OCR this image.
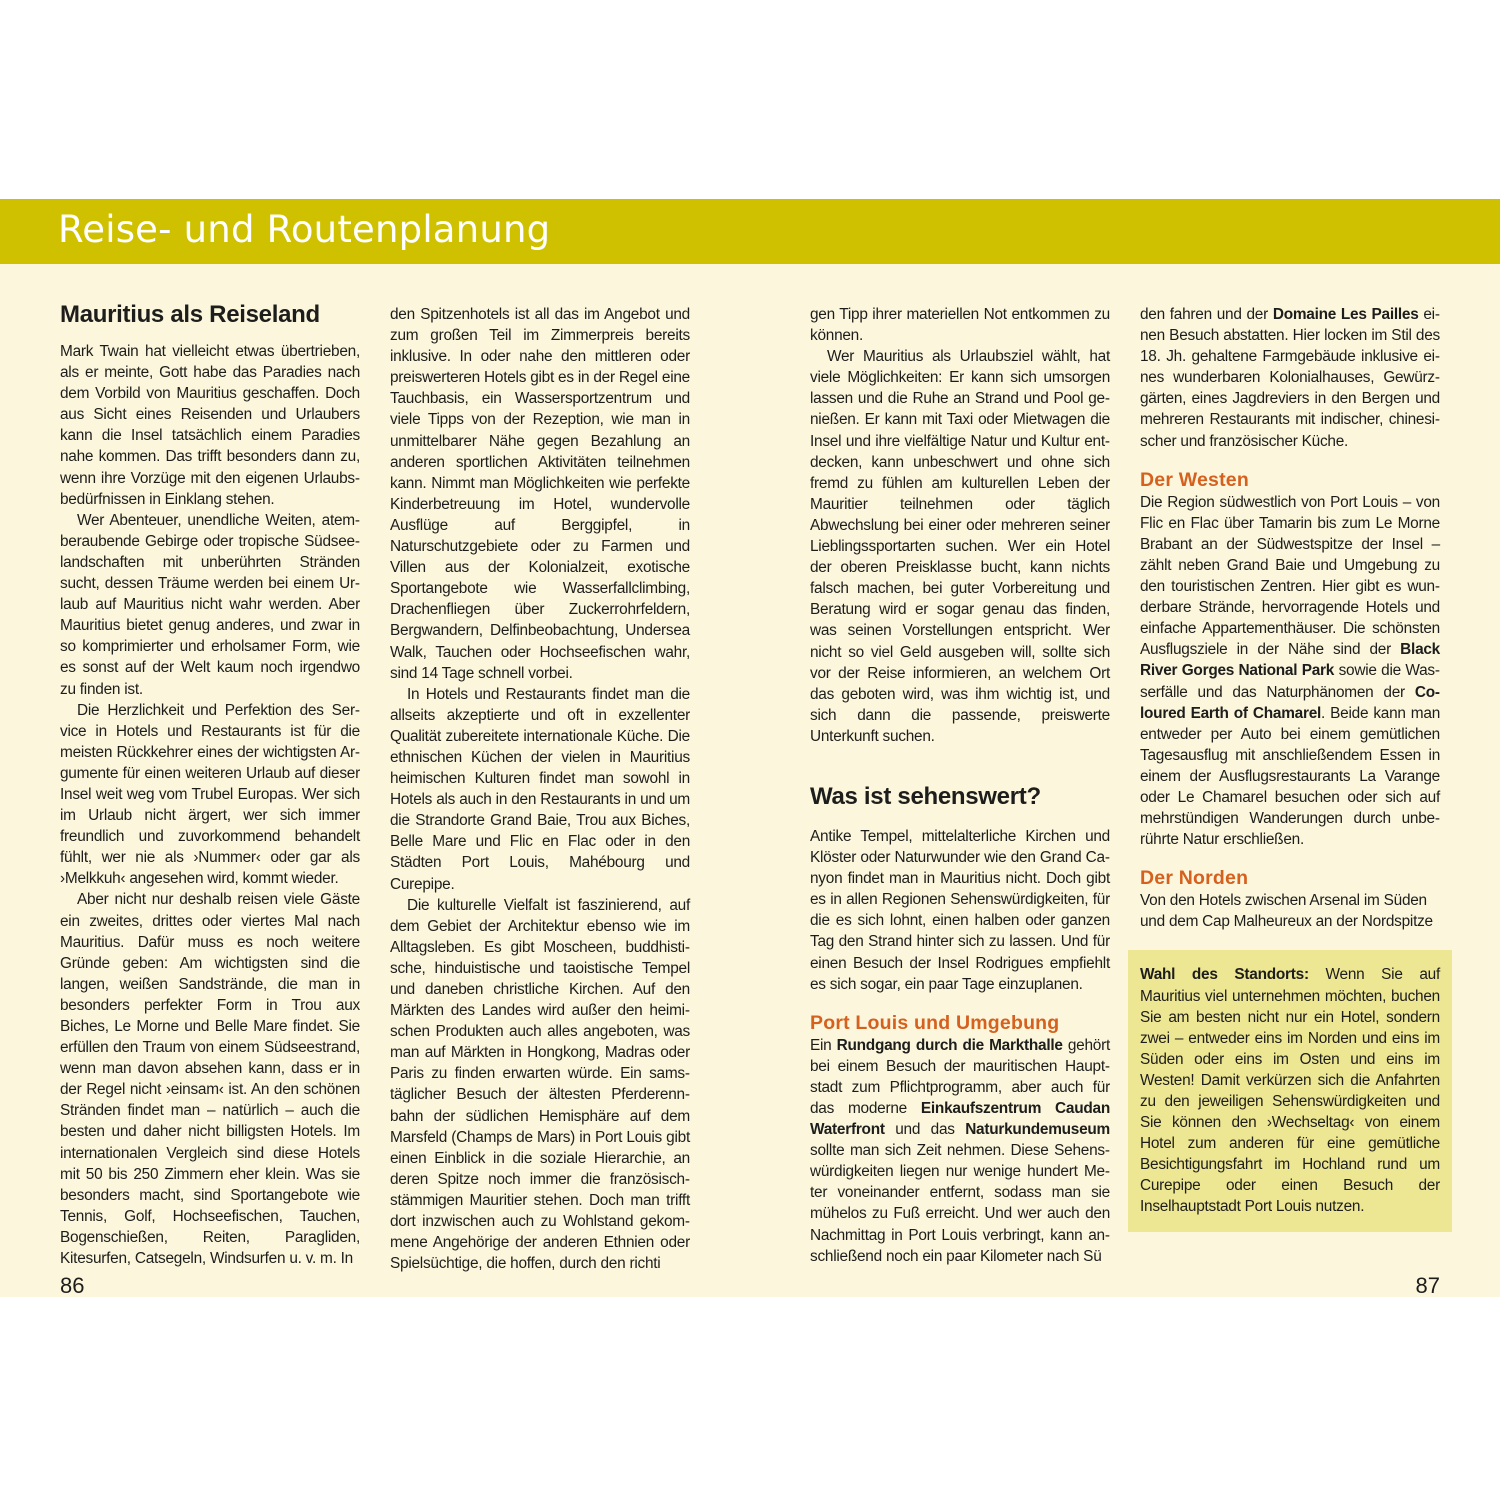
Reise- und Routenplanung
Mauritius als Reiseland

Mark Twain hat vielleicht etwas übertrieben, als er meinte, Gott habe das Paradies nach dem Vorbild von Mauritius geschaffen. Doch aus Sicht eines Reisenden und Urlaubers kann die Insel tatsächlich einem Paradies nahe kommen. Das trifft besonders dann zu, wenn ihre Vorzüge mit den eigenen Urlaubsbedürfnissen in Einklang stehen.

Wer Abenteuer, unendliche Weiten, atemberaubende Gebirge oder tropische Südseelandschaften mit unberührten Stränden sucht, dessen Träume werden bei einem Urlaub auf Mauritius nicht wahr werden. Aber Mauritius bietet genug anderes, und zwar in so komprimierter und erholsamer Form, wie es sonst auf der Welt kaum noch irgendwo zu finden ist.

Die Herzlichkeit und Perfektion des Service in Hotels und Restaurants ist für die meisten Rückkehrer eines der wichtigsten Argumente für einen weiteren Urlaub auf dieser Insel weit weg vom Trubel Europas. Wer sich im Urlaub nicht ärgert, wer sich immer freundlich und zuvorkommend behandelt fühlt, wer nie als ›Nummer‹ oder gar als ›Melkkuh‹ angesehen wird, kommt wieder.

Aber nicht nur deshalb reisen viele Gäste ein zweites, drittes oder viertes Mal nach Mauritius. Dafür muss es noch weitere Gründe geben: Am wichtigsten sind die langen, weißen Sandstrände, die man in besonders perfekter Form in Trou aux Biches, Le Morne und Belle Mare findet. Sie erfüllen den Traum von einem Südseestrand, wenn man davon absehen kann, dass er in der Regel nicht ›einsam‹ ist. An den schönen Stränden findet man – natürlich – auch die besten und daher nicht billigsten Hotels. Im internationalen Vergleich sind diese Hotels mit 50 bis 250 Zimmern eher klein. Was sie besonders macht, sind Sportangebote wie Tennis, Golf, Hochseefischen, Tauchen, Bogenschießen, Reiten, Paragliden, Kitesurfen, Catsegeln, Windsurfen u. v. m. In

den Spitzenhotels ist all das im Angebot und zum großen Teil im Zimmerpreis bereits inklusive. In oder nahe den mittleren oder preiswerteren Hotels gibt es in der Regel eine Tauchbasis, ein Wassersportzentrum und viele Tipps von der Rezeption, wie man in unmittelbarer Nähe gegen Bezahlung an anderen sportlichen Aktivitäten teilnehmen kann. Nimmt man Möglichkeiten wie perfekte Kinderbetreuung im Hotel, wundervolle Ausflüge auf Berggipfel, in Naturschutzgebiete oder zu Farmen und Villen aus der Kolonialzeit, exotische Sportangebote wie Wasserfallclimbing, Drachenfliegen über Zuckerrohrfeldern, Bergwandern, Delfinbeobachtung, Undersea Walk, Tauchen oder Hochseefischen wahr, sind 14 Tage schnell vorbei.

In Hotels und Restaurants findet man die allseits akzeptierte und oft in exzellenter Qualität zubereitete internationale Küche. Die ethnischen Küchen der vielen in Mauritius heimischen Kulturen findet man sowohl in Hotels als auch in den Restaurants in und um die Strandorte Grand Baie, Trou aux Biches, Belle Mare und Flic en Flac oder in den Städten Port Louis, Mahébourg und Curepipe.

Die kulturelle Vielfalt ist faszinierend, auf dem Gebiet der Architektur ebenso wie im Alltagsleben. Es gibt Moscheen, buddhistische, hinduistische und taoistische Tempel und daneben christliche Kirchen. Auf den Märkten des Landes wird außer den heimischen Produkten auch alles angeboten, was man auf Märkten in Hongkong, Madras oder Paris zu finden erwarten würde. Ein samstäglicher Besuch der ältesten Pferderennbahn der südlichen Hemisphäre auf dem Marsfeld (Champs de Mars) in Port Louis gibt einen Einblick in die soziale Hierarchie, an deren Spitze noch immer die französischstämmigen Mauritier stehen. Doch man trifft dort inzwischen auch zu Wohlstand gekommene Angehörige der anderen Ethnien oder Spielsüchtige, die hoffen, durch den richti

gen Tipp ihrer materiellen Not entkommen zu können.

Wer Mauritius als Urlaubsziel wählt, hat viele Möglichkeiten: Er kann sich umsorgen lassen und die Ruhe an Strand und Pool genießen. Er kann mit Taxi oder Mietwagen die Insel und ihre vielfältige Natur und Kultur entdecken, kann unbeschwert und ohne sich fremd zu fühlen am kulturellen Leben der Mauritier teilnehmen oder täglich Abwechslung bei einer oder mehreren seiner Lieblingssportarten suchen. Wer ein Hotel der oberen Preisklasse bucht, kann nichts falsch machen, bei guter Vorbereitung und Beratung wird er sogar genau das finden, was seinen Vorstellungen entspricht. Wer nicht so viel Geld ausgeben will, sollte sich vor der Reise informieren, an welchem Ort das geboten wird, was ihm wichtig ist, und sich dann die passende, preiswerte Unterkunft suchen.

Was ist sehenswert?

Antike Tempel, mittelalterliche Kirchen und Klöster oder Naturwunder wie den Grand Canyon findet man in Mauritius nicht. Doch gibt es in allen Regionen Sehenswürdigkeiten, für die es sich lohnt, einen halben oder ganzen Tag den Strand hinter sich zu lassen. Und für einen Besuch der Insel Rodrigues empfiehlt es sich sogar, ein paar Tage einzuplanen.

Port Louis und Umgebung

Ein Rundgang durch die Markthalle gehört bei einem Besuch der mauritischen Hauptstadt zum Pflichtprogramm, aber auch für das moderne Einkaufszentrum Caudan Waterfront und das Naturkundemuseum sollte man sich Zeit nehmen. Diese Sehenswürdigkeiten liegen nur wenige hundert Meter voneinander entfernt, sodass man sie mühelos zu Fuß erreicht. Und wer auch den Nachmittag in Port Louis verbringt, kann anschließend noch ein paar Kilometer nach Sü

den fahren und der Domaine Les Pailles einen Besuch abstatten. Hier locken im Stil des 18. Jh. gehaltene Farmgebäude inklusive eines wunderbaren Kolonialhauses, Gewürzgärten, eines Jagdreviers in den Bergen und mehreren Restaurants mit indischer, chinesischer und französischer Küche.

Der Westen

Die Region südwestlich von Port Louis – von Flic en Flac über Tamarin bis zum Le Morne Brabant an der Südwestspitze der Insel – zählt neben Grand Baie und Umgebung zu den touristischen Zentren. Hier gibt es wunderbare Strände, hervorragende Hotels und einfache Appartementhäuser. Die schönsten Ausflugsziele in der Nähe sind der Black River Gorges National Park sowie die Wasserfälle und das Naturphänomen der Coloured Earth of Chamarel. Beide kann man entweder per Auto bei einem gemütlichen Tagesausflug mit anschließendem Essen in einem der Ausflugsrestaurants La Varange oder Le Chamarel besuchen oder sich auf mehrstündigen Wanderungen durch unberührte Natur erschließen.

Der Norden

Von den Hotels zwischen Arsenal im Süden und dem Cap Malheureux an der Nordspitze

Wahl des Standorts: Wenn Sie auf Mauritius viel unternehmen möchten, buchen Sie am besten nicht nur ein Hotel, sondern zwei – entweder eins im Norden und eins im Süden oder eins im Osten und eins im Westen! Damit verkürzen sich die Anfahrten zu den jeweiligen Sehenswürdigkeiten und Sie können den ›Wechseltag‹ von einem Hotel zum anderen für eine gemütliche Besichtigungsfahrt im Hochland rund um Curepipe oder einen Besuch der Inselhauptstadt Port Louis nutzen.

86	87
